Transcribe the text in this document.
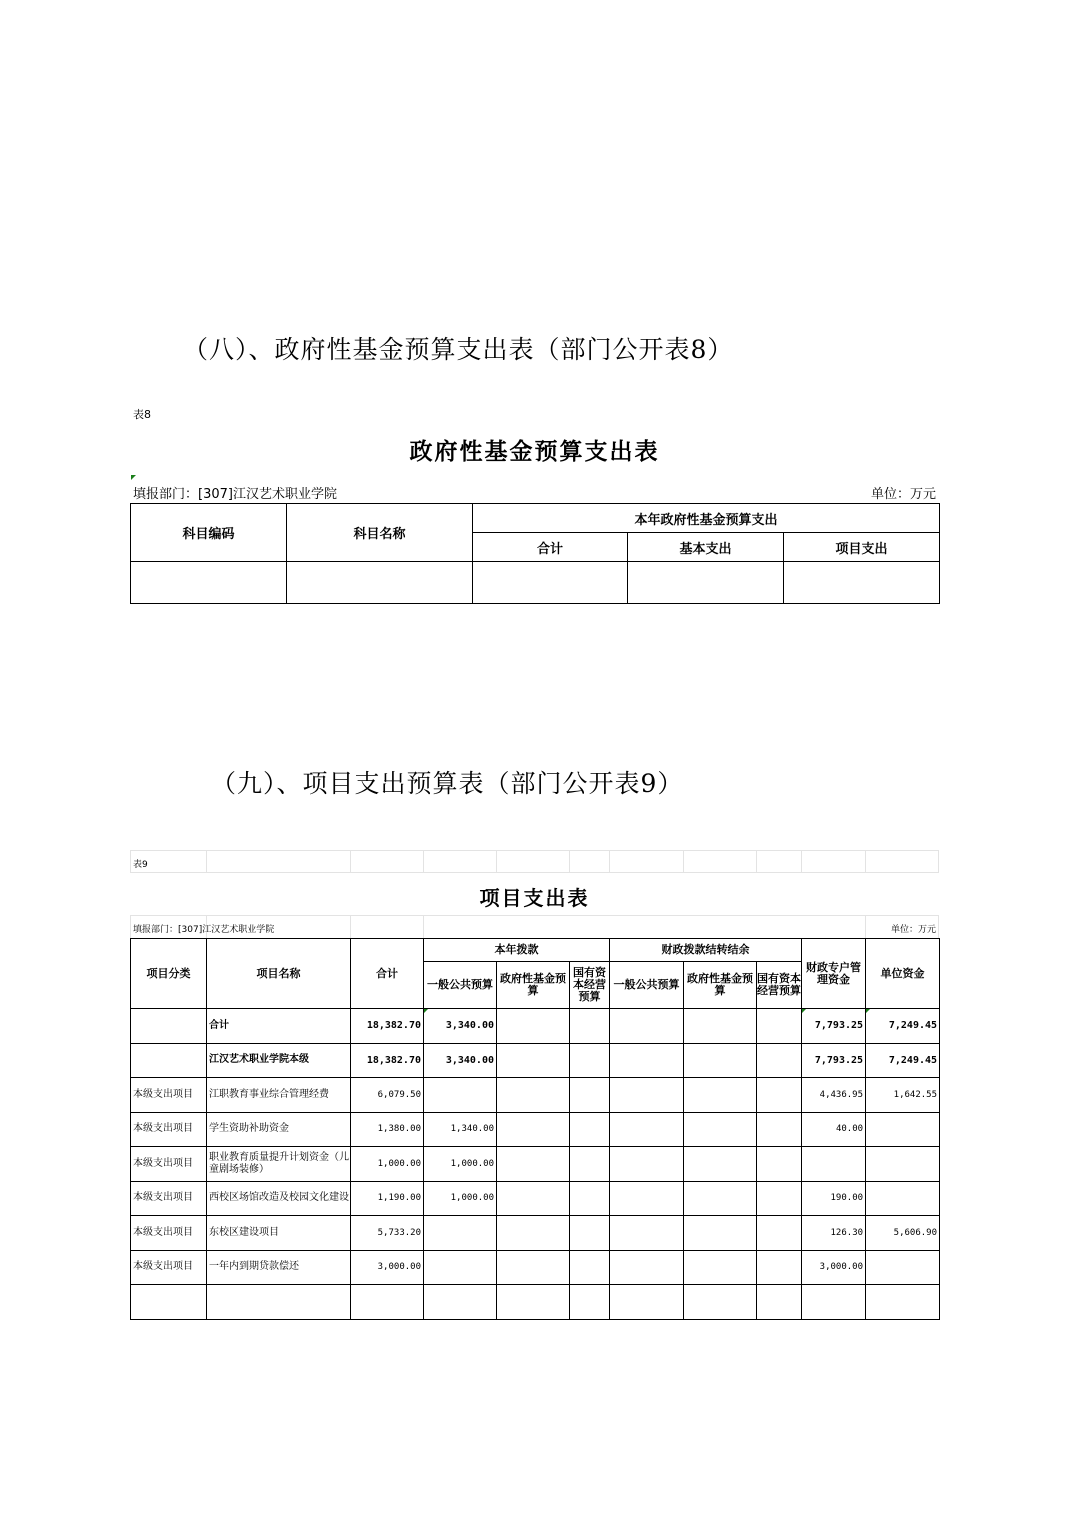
（八）、政府性基金预算支出表（部门公开表8）
表8
政府性基金预算支出表
填报部门：[307]江汉艺术职业学院	单位：万元
科目编码	科目名称	本年政府性基金预算支出		
		合计	基本支出	项目支出

（九）、项目支出预算表（部门公开表9）
表9
项目支出表
填报部门：[307]江汉艺术职业学院	单位：万元
项目分类	项目名称	合计	本年拨款			财政拨款结转结余			财政专户管理资金	单位资金
			一般公共预算	政府性基金预算	国有资本经营预算	一般公共预算	政府性基金预算	国有资本经营预算		
	合计	18,382.70	3,340.00						7,793.25	7,249.45
	江汉艺术职业学院本级	18,382.70	3,340.00						7,793.25	7,249.45
本级支出项目	江职教育事业综合管理经费	6,079.50							4,436.95	1,642.55
本级支出项目	学生资助补助资金	1,380.00	1,340.00						40.00	
本级支出项目	职业教育质量提升计划资金（儿童剧场装修）	1,000.00	1,000.00							
本级支出项目	西校区场馆改造及校园文化建设	1,190.00	1,000.00						190.00	
本级支出项目	东校区建设项目	5,733.20							126.30	5,606.90
本级支出项目	一年内到期贷款偿还	3,000.00							3,000.00	
